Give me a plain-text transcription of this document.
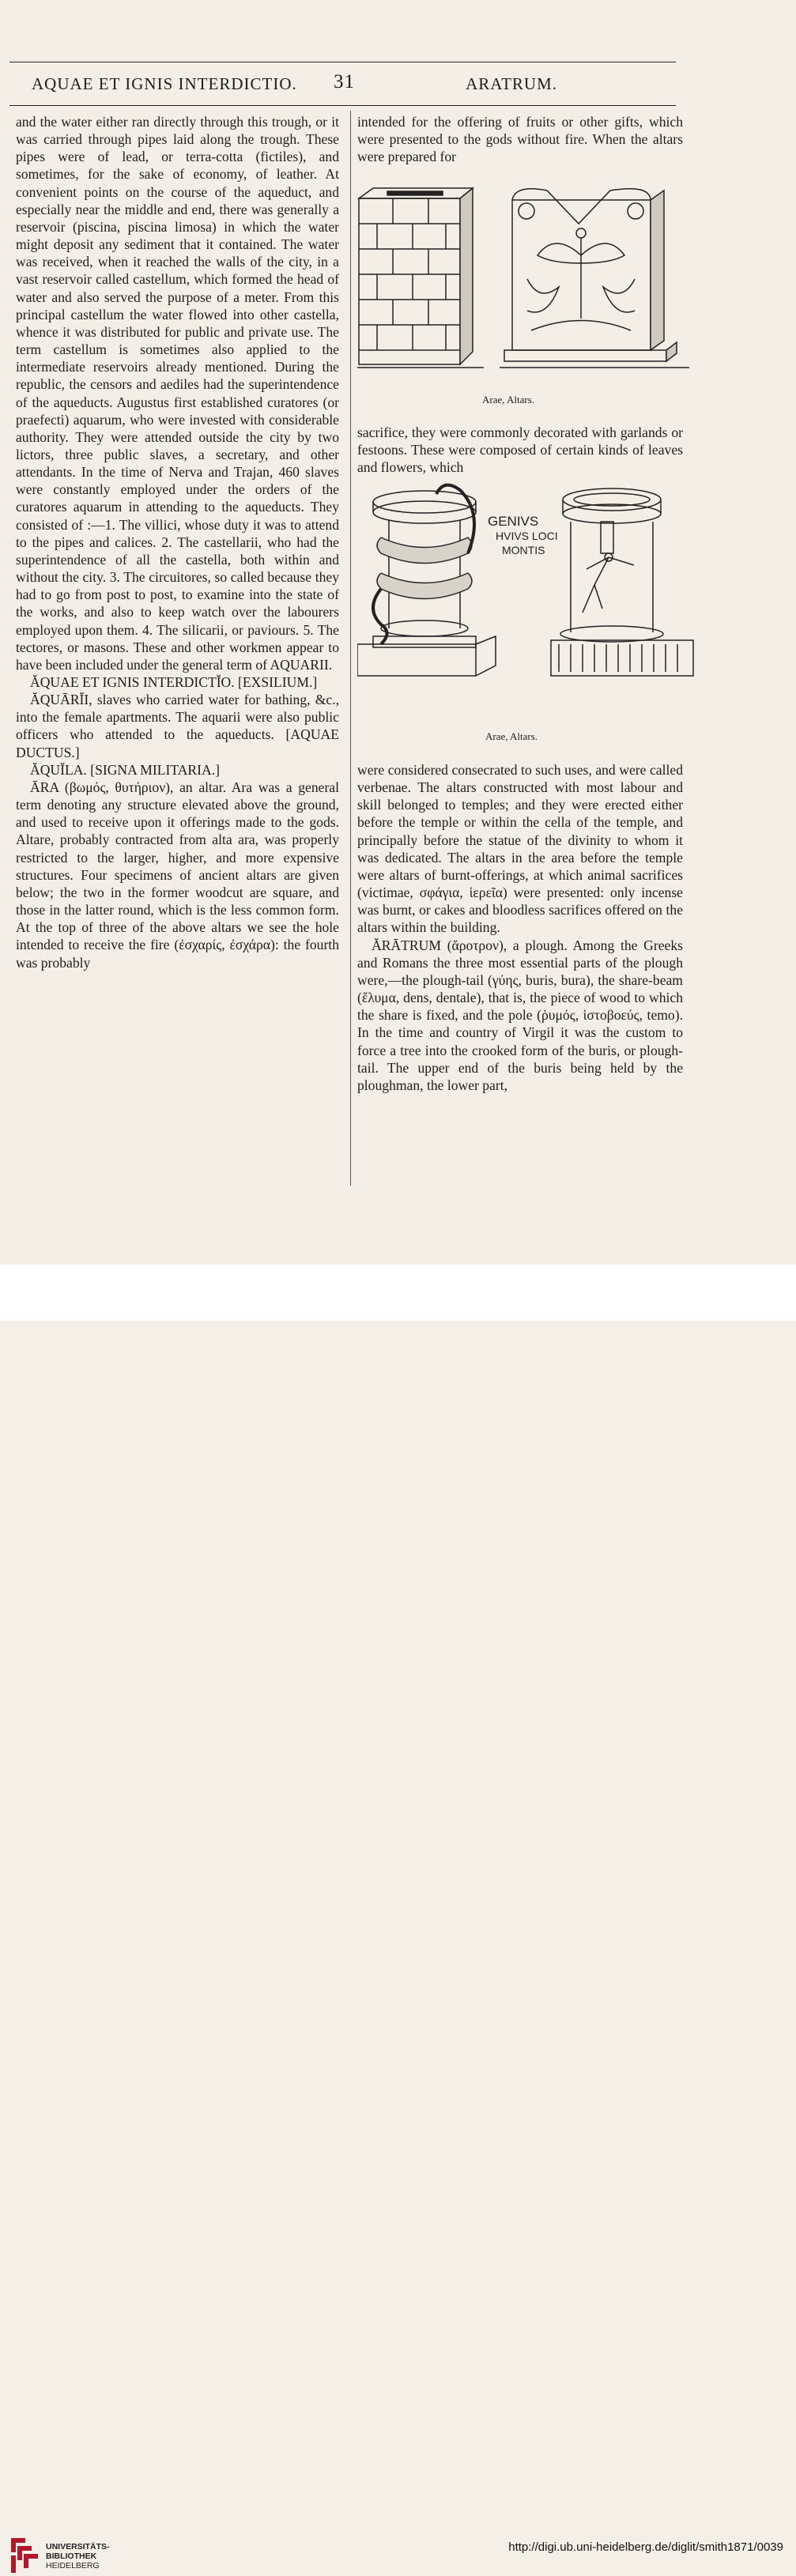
AQUAE ET IGNIS INTERDICTIO. 31	ARATRUM.

and the water either ran directly through this trough, or it was carried through pipes laid along the trough. These pipes were of lead, or terra-cotta (fictiles), and sometimes, for the sake of economy, of leather. At convenient points on the course of the aqueduct, and especially near the middle and end, there was generally a reservoir (piscina, piscina limosa) in which the water might deposit any sediment that it contained. The water was received, when it reached the walls of the city, in a vast reservoir called castellum, which formed the head of water and also served the purpose of a meter. From this principal castellum the water flowed into other castella, whence it was distributed for public and private use. The term castellum is sometimes also applied to the intermediate reservoirs already mentioned. During the republic, the censors and aediles had the superintendence of the aqueducts. Augustus first established curatores (or praefecti) aquarum, who were invested with considerable authority. They were attended outside the city by two lictors, three public slaves, a secretary, and other attendants. In the time of Nerva and Trajan, 460 slaves were constantly employed under the orders of the curatores aquarum in attending to the aqueducts. They consisted of :—1. The villici, whose duty it was to attend to the pipes and calices. 2. The castellarii, who had the superintendence of all the castella, both within and without the city. 3. The circuitores, so called because they had to go from post to post, to examine into the state of the works, and also to keep watch over the labourers employed upon them. 4. The silicarii, or paviours. 5. The tectores, or masons. These and other workmen appear to have been included under the general term of AQUARII.

ĂQUAE ET IGNIS INTERDICTĬO. [EXSILIUM.]

ĂQUĀRĬI, slaves who carried water for bathing, &c., into the female apartments. The aquarii were also public officers who attended to the aqueducts. [AQUAE DUCTUS.]

ĂQUĬLA. [SIGNA MILITARIA.]

ĀRA (βωμός, θυτήριον), an altar. Ara was a general term denoting any structure elevated above the ground, and used to receive upon it offerings made to the gods. Altare, probably contracted from alta ara, was properly restricted to the larger, higher, and more expensive structures. Four specimens of ancient altars are given below; the two in the former woodcut are square, and those in the latter round, which is the less common form. At the top of three of the above altars we see the hole intended to receive the fire (ἐσχαρίς, ἐσχάρα): the fourth was probably

intended for the offering of fruits or other gifts, which were presented to the gods without fire. When the altars were prepared for

Arae, Altars.

sacrifice, they were commonly decorated with garlands or festoons. These were composed of certain kinds of leaves and flowers, which

GENIVS
HVIVS LOCI
MONTIS
Arae, Altars.

were considered consecrated to such uses, and were called verbenae. The altars constructed with most labour and skill belonged to temples; and they were erected either before the temple or within the cella of the temple, and principally before the statue of the divinity to whom it was dedicated. The altars in the area before the temple were altars of burnt-offerings, at which animal sacrifices (victimae, σφάγια, ἱερεῖα) were presented: only incense was burnt, or cakes and bloodless sacrifices offered on the altars within the building.

ĂRĀTRUM (ἄροτρον), a plough. Among the Greeks and Romans the three most essential parts of the plough were,—the plough-tail (γύης, buris, bura), the share-beam (ἔλυμα, dens, dentale), that is, the piece of wood to which the share is fixed, and the pole (ῥυμός, ἱστοβοεύς, temo). In the time and country of Virgil it was the custom to force a tree into the crooked form of the buris, or plough-tail. The upper end of the buris being held by the ploughman, the lower part,

UNIVERSITÄTS-
BIBLIOTHEK
HEIDELBERG
http://digi.ub.uni-heidelberg.de/diglit/smith1871/0039
